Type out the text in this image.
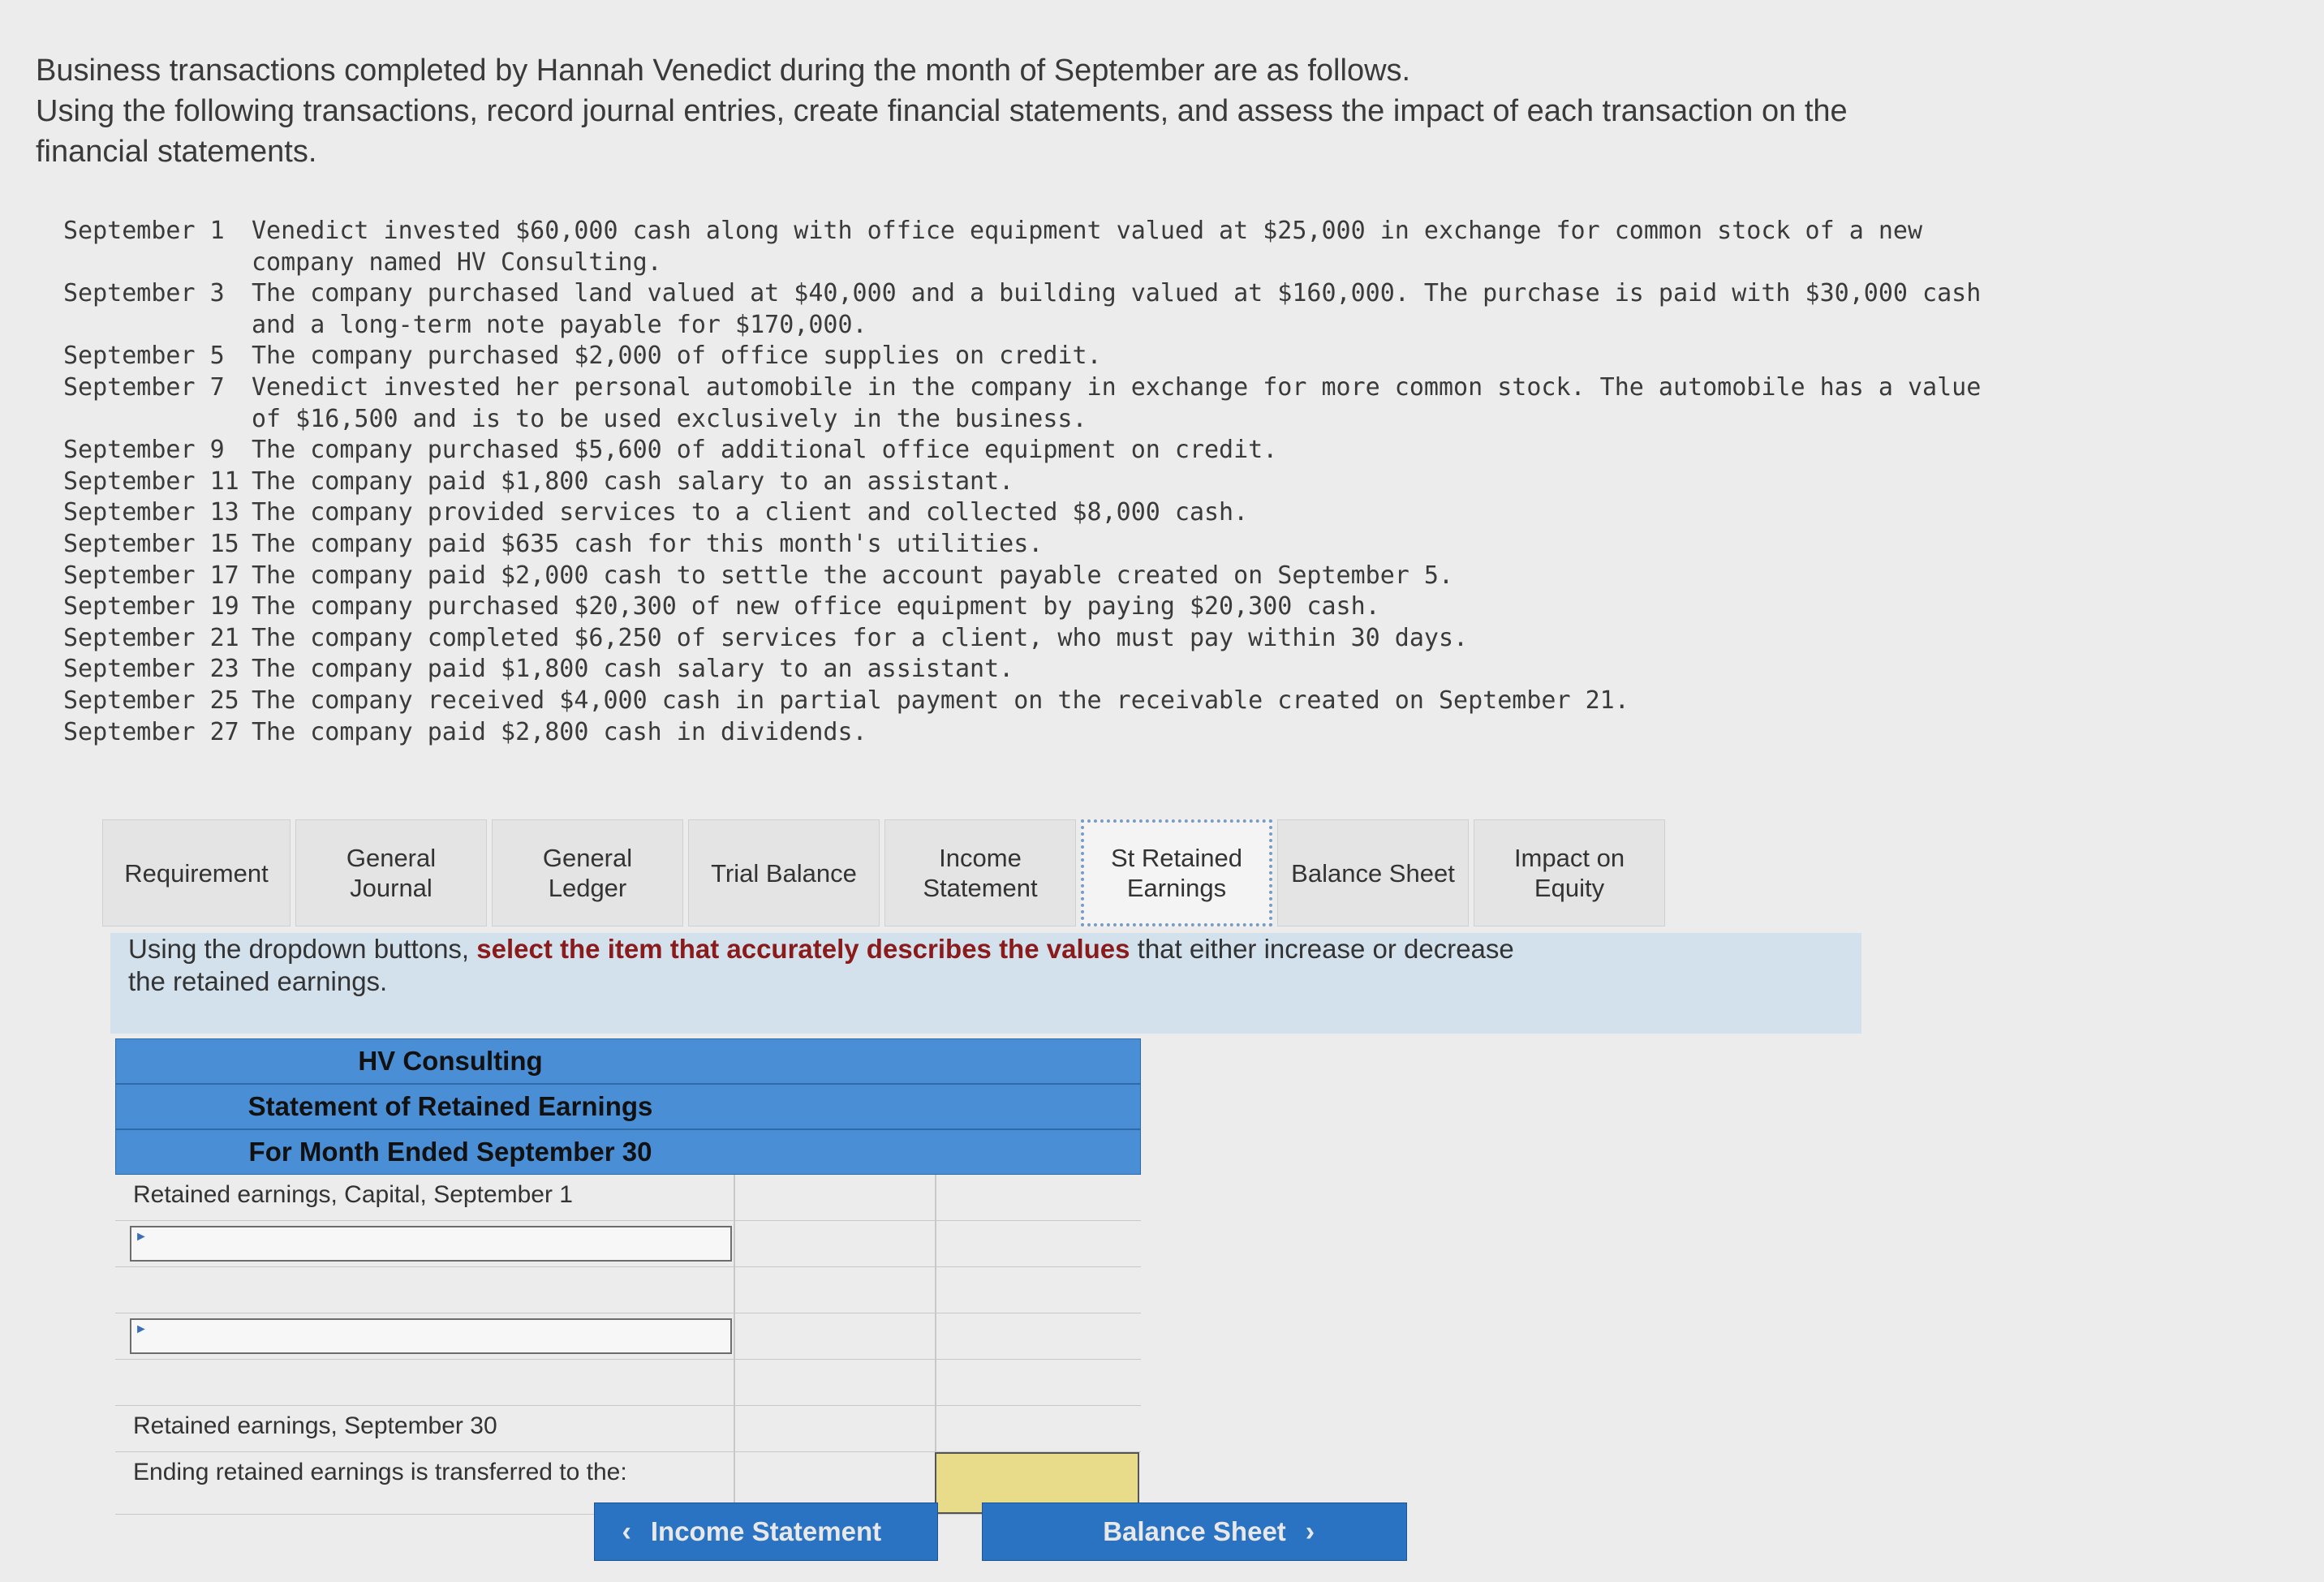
Business transactions completed by Hannah Venedict during the month of September are as follows.
Using the following transactions, record journal entries, create financial statements, and assess the impact of each transaction on the
financial statements.
September 1	Venedict invested $60,000 cash along with office equipment valued at $25,000 in exchange for common stock of a new
company named HV Consulting.
September 3	The company purchased land valued at $40,000 and a building valued at $160,000. The purchase is paid with $30,000 cash
and a long-term note payable for $170,000.
September 5	The company purchased $2,000 of office supplies on credit.
September 7	Venedict invested her personal automobile in the company in exchange for more common stock. The automobile has a value
of $16,500 and is to be used exclusively in the business.
September 9	The company purchased $5,600 of additional office equipment on credit.
September 11 The company paid $1,800 cash salary to an assistant.
September 13 The company provided services to a client and collected $8,000 cash.
September 15 The company paid $635 cash for this month's utilities.
September 17 The company paid $2,000 cash to settle the account payable created on September 5.
September 19 The company purchased $20,300 of new office equipment by paying $20,300 cash.
September 21 The company completed $6,250 of services for a client, who must pay within 30 days.
September 23 The company paid $1,800 cash salary to an assistant.
September 25 The company received $4,000 cash in partial payment on the receivable created on September 21.
September 27 The company paid $2,800 cash in dividends.
Requirement
General
Journal
General
Ledger
Trial Balance
Income
Statement
St Retained
Earnings
Balance Sheet
Impact on
Equity
Using the dropdown buttons, select the item that accurately describes the values that either increase or decrease
the retained earnings.
HV Consulting
Statement of Retained Earnings
For Month Ended September 30
Retained earnings, Capital, September 1
►
►
Retained earnings, September 30
Ending retained earnings is transferred to the:
‹ Income Statement	Balance Sheet ›
